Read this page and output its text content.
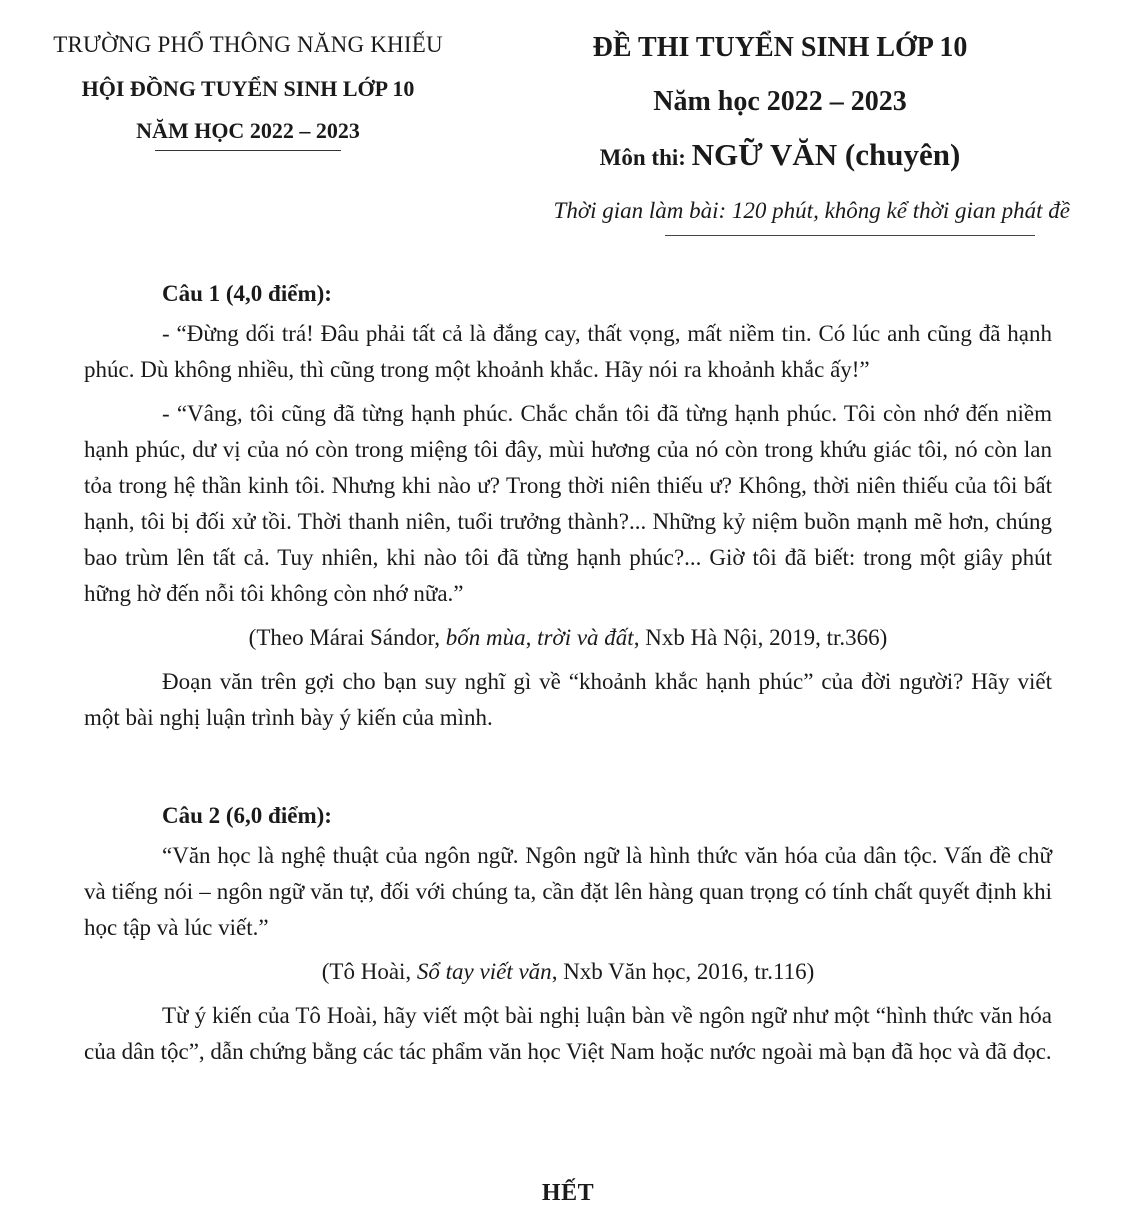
TRƯỜNG PHỔ THÔNG NĂNG KHIẾU
HỘI ĐỒNG TUYỂN SINH LỚP 10
NĂM HỌC 2022 – 2023
ĐỀ THI TUYỂN SINH LỚP 10
Năm học 2022 – 2023
Môn thi: NGỮ VĂN (chuyên)
Thời gian làm bài: 120 phút, không kể thời gian phát đề

Câu 1 (4,0 điểm):

- “Đừng dối trá! Đâu phải tất cả là đắng cay, thất vọng, mất niềm tin. Có lúc anh cũng đã hạnh phúc. Dù không nhiều, thì cũng trong một khoảnh khắc. Hãy nói ra khoảnh khắc ấy!”

- “Vâng, tôi cũng đã từng hạnh phúc. Chắc chắn tôi đã từng hạnh phúc. Tôi còn nhớ đến niềm hạnh phúc, dư vị của nó còn trong miệng tôi đây, mùi hương của nó còn trong khứu giác tôi, nó còn lan tỏa trong hệ thần kinh tôi. Nhưng khi nào ư? Trong thời niên thiếu ư? Không, thời niên thiếu của tôi bất hạnh, tôi bị đối xử tồi. Thời thanh niên, tuổi trưởng thành?... Những kỷ niệm buồn mạnh mẽ hơn, chúng bao trùm lên tất cả. Tuy nhiên, khi nào tôi đã từng hạnh phúc?... Giờ tôi đã biết: trong một giây phút hững hờ đến nỗi tôi không còn nhớ nữa.”

(Theo Márai Sándor, bốn mùa, trời và đất, Nxb Hà Nội, 2019, tr.366)

Đoạn văn trên gợi cho bạn suy nghĩ gì về “khoảnh khắc hạnh phúc” của đời người? Hãy viết một bài nghị luận trình bày ý kiến của mình.

Câu 2 (6,0 điểm):

“Văn học là nghệ thuật của ngôn ngữ. Ngôn ngữ là hình thức văn hóa của dân tộc. Vấn đề chữ và tiếng nói – ngôn ngữ văn tự, đối với chúng ta, cần đặt lên hàng quan trọng có tính chất quyết định khi học tập và lúc viết.”

(Tô Hoài, Sổ tay viết văn, Nxb Văn học, 2016, tr.116)

Từ ý kiến của Tô Hoài, hãy viết một bài nghị luận bàn về ngôn ngữ như một “hình thức văn hóa của dân tộc”, dẫn chứng bằng các tác phẩm văn học Việt Nam hoặc nước ngoài mà bạn đã học và đã đọc.

HẾT
